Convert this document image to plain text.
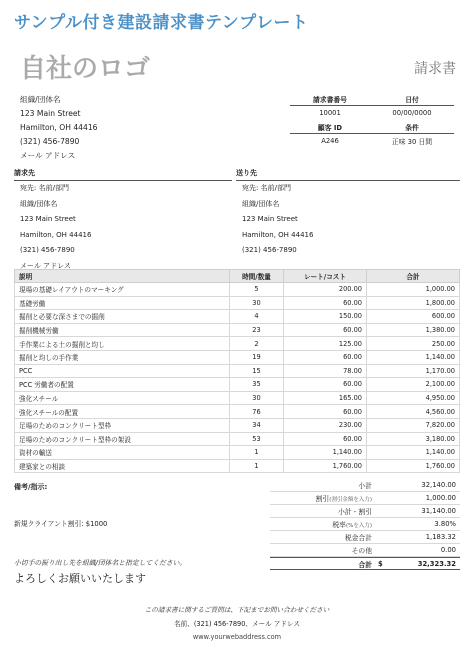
サンプル付き建設請求書テンプレート
自社のロゴ	請求書
組織/団体名
123 Main Street
Hamilton, OH 44416
(321) 456-7890
メール アドレス
請求書番号	日付
10001	00/00/0000
顧客 ID	条件
A246	正味 30 日間
請求先	送り先
宛先: 名前/部門
組織/団体名
123 Main Street
Hamilton, OH 44416
(321) 456-7890
メール アドレス
宛先: 名前/部門
組織/団体名
123 Main Street
Hamilton, OH 44416
(321) 456-7890
説明	時間/数量	レート/コスト	合計
現場の基礎レイアウトのマーキング	5	200.00	1,000.00
基礎労働	30	60.00	1,800.00
掘削と必要な深さまでの掘削	4	150.00	600.00
掘削機械労働	23	60.00	1,380.00
手作業による土の掘削と均し	2	125.00	250.00
掘削と均しの手作業	19	60.00	1,140.00
PCC	15	78.00	1,170.00
PCC 労働者の配置	35	60.00	2,100.00
強化スチール	30	165.00	4,950.00
強化スチールの配置	76	60.00	4,560.00
足場のためのコンクリート型枠	34	230.00	7,820.00
足場のためのコンクリート型枠の架設	53	60.00	3,180.00
資材の輸送	1	1,140.00	1,140.00
建築家との相談	1	1,760.00	1,760.00
備考/指示:
新規クライアント割引: $1000
小計	32,140.00
割引(割引金額を入力)	1,000.00
小計 - 割引	31,140.00
税率(%を入力)	3.80%
税金合計	1,183.32
その他	0.00
合計 $	32,323.32
小切手の振り出し先を組織/団体名と指定してください。
よろしくお願いいたします
この請求書に関するご質問は、下記までお問い合わせください
名前、(321) 456-7890、メール アドレス
www.yourwebaddress.com
